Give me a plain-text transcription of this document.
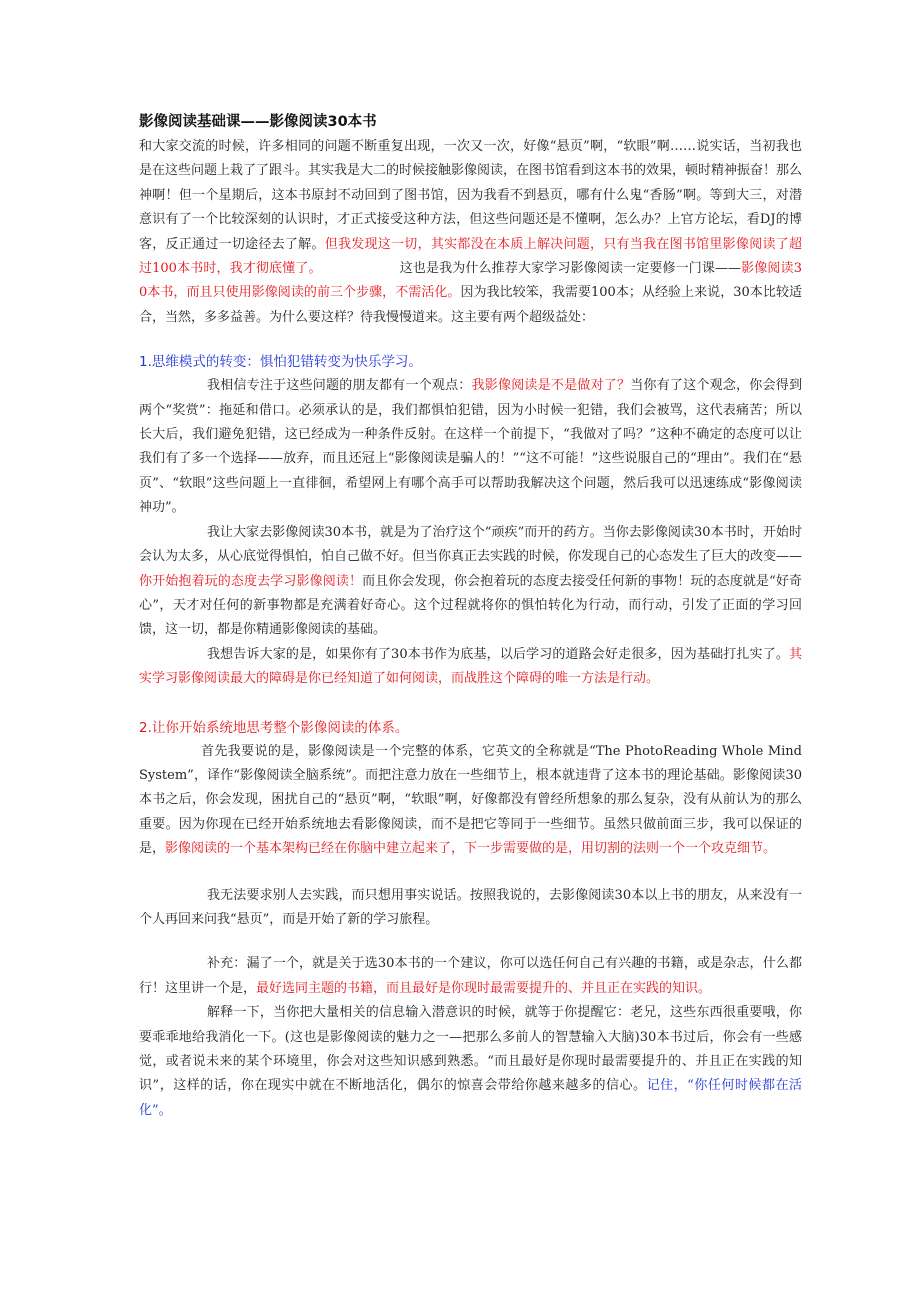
影像阅读基础课——影像阅读30本书

和大家交流的时候，许多相同的问题不断重复出现，一次又一次，好像“悬页”啊，“软眼”啊……说实话，当初我也是在这些问题上栽了了跟斗。其实我是大二的时候接触影像阅读，在图书馆看到这本书的效果，顿时精神振奋！那么神啊！但一个星期后，这本书原封不动回到了图书馆，因为我看不到悬页，哪有什么鬼“香肠”啊。等到大三，对潜意识有了一个比较深刻的认识时，才正式接受这种方法，但这些问题还是不懂啊，怎么办？上官方论坛，看DJ的博客，反正通过一切途径去了解。但我发现这一切，其实都没在本质上解决问题，只有当我在图书馆里影像阅读了超过100本书时，我才彻底懂了。	这也是我为什么推荐大家学习影像阅读一定要修一门课——影像阅读30本书，而且只使用影像阅读的前三个步骤，不需活化。因为我比较笨，我需要100本；从经验上来说，30本比较适合，当然，多多益善。为什么要这样？待我慢慢道来。这主要有两个超级益处：

1.思维模式的转变：惧怕犯错转变为快乐学习。

我相信专注于这些问题的朋友都有一个观点：我影像阅读是不是做对了？当你有了这个观念，你会得到两个“奖赏”：拖延和借口。必须承认的是，我们都惧怕犯错，因为小时候一犯错，我们会被骂，这代表痛苦；所以长大后，我们避免犯错，这已经成为一种条件反射。在这样一个前提下，“我做对了吗？”这种不确定的态度可以让我们有了多一个选择——放弃，而且还冠上“影像阅读是骗人的！”“这不可能！”这些说服自己的“理由”。我们在“悬页”、“软眼”这些问题上一直徘徊，希望网上有哪个高手可以帮助我解决这个问题，然后我可以迅速练成“影像阅读神功”。

我让大家去影像阅读30本书，就是为了治疗这个“顽疾”而开的药方。当你去影像阅读30本书时，开始时会认为太多，从心底觉得惧怕，怕自己做不好。但当你真正去实践的时候，你发现自己的心态发生了巨大的改变——你开始抱着玩的态度去学习影像阅读！而且你会发现，你会抱着玩的态度去接受任何新的事物！玩的态度就是“好奇心”，天才对任何的新事物都是充满着好奇心。这个过程就将你的惧怕转化为行动，而行动，引发了正面的学习回馈，这一切，都是你精通影像阅读的基础。

我想告诉大家的是，如果你有了30本书作为底基，以后学习的道路会好走很多，因为基础打扎实了。其实学习影像阅读最大的障碍是你已经知道了如何阅读，而战胜这个障碍的唯一方法是行动。

2.让你开始系统地思考整个影像阅读的体系。

首先我要说的是，影像阅读是一个完整的体系，它英文的全称就是“The PhotoReading Whole Mind System”，译作“影像阅读全脑系统”。而把注意力放在一些细节上，根本就违背了这本书的理论基础。影像阅读30本书之后，你会发现，困扰自己的“悬页”啊，“软眼”啊，好像都没有曾经所想象的那么复杂，没有从前认为的那么重要。因为你现在已经开始系统地去看影像阅读，而不是把它等同于一些细节。虽然只做前面三步，我可以保证的是，影像阅读的一个基本架构已经在你脑中建立起来了，下一步需要做的是，用切割的法则一个一个攻克细节。

我无法要求别人去实践，而只想用事实说话。按照我说的，去影像阅读30本以上书的朋友，从来没有一个人再回来问我“悬页”，而是开始了新的学习旅程。

补充：漏了一个，就是关于选30本书的一个建议，你可以选任何自己有兴趣的书籍，或是杂志，什么都行！这里讲一个是，最好选同主题的书籍，而且最好是你现时最需要提升的、并且正在实践的知识。

解释一下，当你把大量相关的信息输入潜意识的时候，就等于你提醒它：老兄，这些东西很重要哦，你要乖乖地给我消化一下。(这也是影像阅读的魅力之一—把那么多前人的智慧输入大脑)30本书过后，你会有一些感觉，或者说未来的某个环境里，你会对这些知识感到熟悉。“而且最好是你现时最需要提升的、并且正在实践的知识”，这样的话，你在现实中就在不断地活化，偶尔的惊喜会带给你越来越多的信心。记住，“你任何时候都在活化”。
